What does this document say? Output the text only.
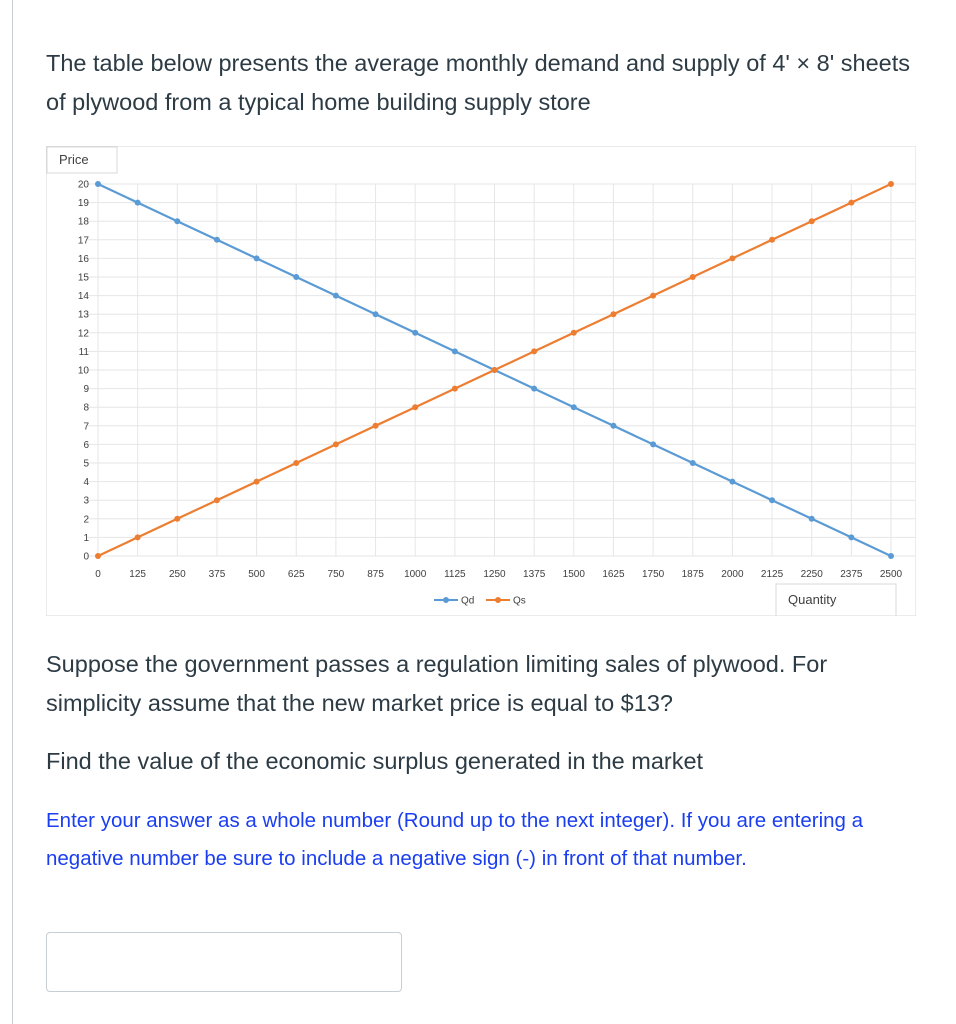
The table below presents the average monthly demand and supply of 4' × 8' sheets of plywood from a typical home building supply store
0
1
2
3
4
5
6
7
8
9
10
11
12
13
14
15
16
17
18
19
20
0	125 250 375 500 625 750 875 1000 1125 1250 1375 1500 1625 1750 1875 2000 2125 2250 2375 2500
Price
Quantity
Qd	Qs
Suppose the government passes a regulation limiting sales of plywood. For simplicity assume that the new market price is equal to $13?
Find the value of the economic surplus generated in the market
Enter your answer as a whole number (Round up to the next integer). If you are entering a negative number be sure to include a negative sign (-) in front of that number.
